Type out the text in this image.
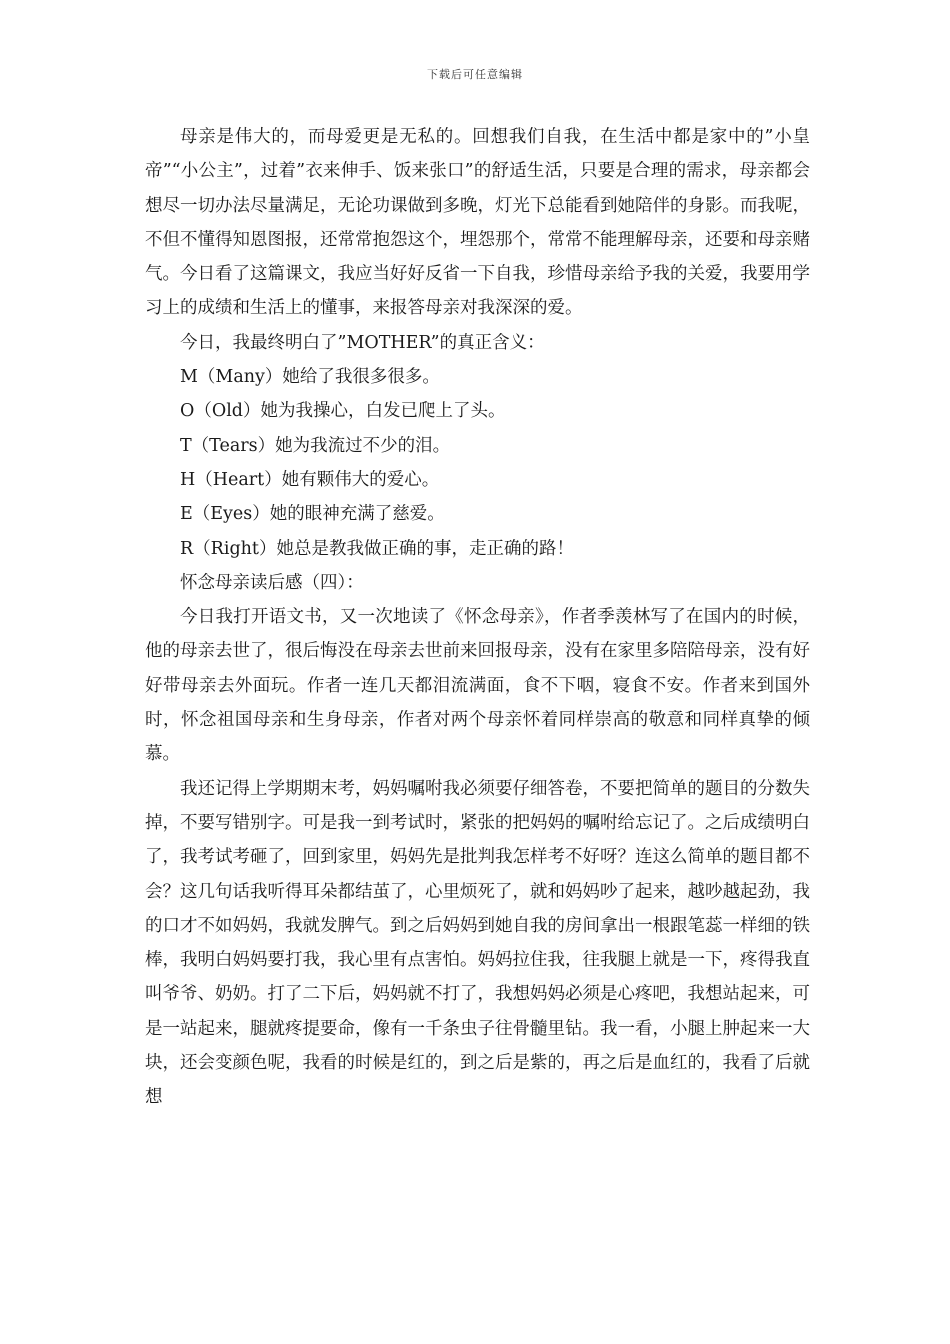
下载后可任意编辑

母亲是伟大的，而母爱更是无私的。回想我们自我，在生活中都是家中的”小皇帝”“小公主”，过着”衣来伸手、饭来张口”的舒适生活，只要是合理的需求，母亲都会想尽一切办法尽量满足，无论功课做到多晚，灯光下总能看到她陪伴的身影。而我呢，不但不懂得知恩图报，还常常抱怨这个，埋怨那个，常常不能理解母亲，还要和母亲赌气。今日看了这篇课文，我应当好好反省一下自我，珍惜母亲给予我的关爱，我要用学习上的成绩和生活上的懂事，来报答母亲对我深深的爱。

今日，我最终明白了”MOTHER”的真正含义：

M（Many）她给了我很多很多。

O（Old）她为我操心，白发已爬上了头。

T（Tears）她为我流过不少的泪。

H（Heart）她有颗伟大的爱心。

E（Eyes）她的眼神充满了慈爱。

R（Right）她总是教我做正确的事，走正确的路！

怀念母亲读后感（四）：

今日我打开语文书，又一次地读了《怀念母亲》，作者季羡林写了在国内的时候，他的母亲去世了，很后悔没在母亲去世前来回报母亲，没有在家里多陪陪母亲，没有好好带母亲去外面玩。作者一连几天都泪流满面，食不下咽，寝食不安。作者来到国外时，怀念祖国母亲和生身母亲，作者对两个母亲怀着同样崇高的敬意和同样真挚的倾慕。

我还记得上学期期末考，妈妈嘱咐我必须要仔细答卷，不要把简单的题目的分数失掉，不要写错别字。可是我一到考试时，紧张的把妈妈的嘱咐给忘记了。之后成绩明白了，我考试考砸了，回到家里，妈妈先是批判我怎样考不好呀？连这么简单的题目都不会？这几句话我听得耳朵都结茧了，心里烦死了，就和妈妈吵了起来，越吵越起劲，我的口才不如妈妈，我就发脾气。到之后妈妈到她自我的房间拿出一根跟笔蕊一样细的铁棒，我明白妈妈要打我，我心里有点害怕。妈妈拉住我，往我腿上就是一下，疼得我直叫爷爷、奶奶。打了二下后，妈妈就不打了，我想妈妈必须是心疼吧，我想站起来，可是一站起来，腿就疼提要命，像有一千条虫子往骨髓里钻。我一看，小腿上肿起来一大块，还会变颜色呢，我看的时候是红的，到之后是紫的，再之后是血红的，我看了后就想
